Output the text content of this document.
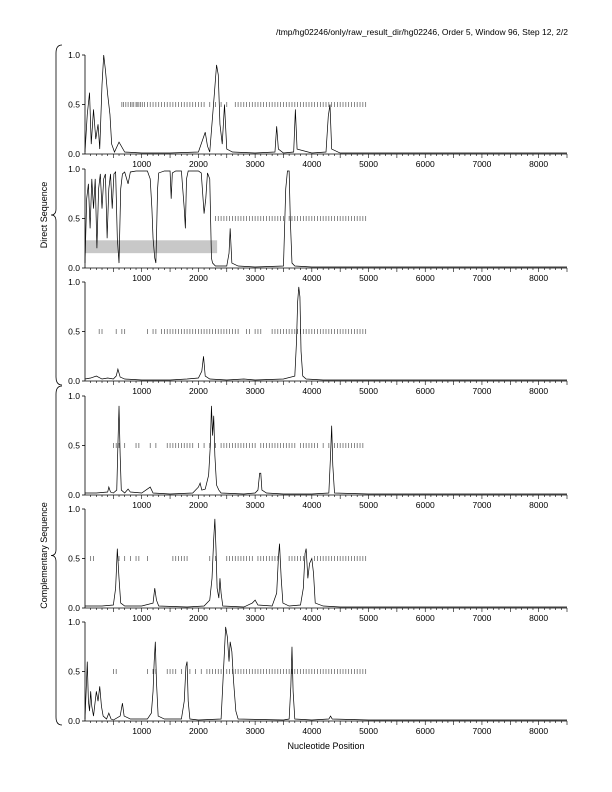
/tmp/hg02246/only/raw_result_dir/hg02246, Order 5, Window 96, Step 12, 2/2
0.0
0.5
1.0
1000	2000	3000	4000	5000	6000	7000	8000
0.0
0.5
1.0
1000	2000	3000	4000	5000	6000	7000	8000
0.0
0.5
1.0
1000	2000	3000	4000	5000	6000	7000	8000
0.0
0.5
1.0
1000	2000	3000	4000	5000	6000	7000	8000
0.0
0.5
1.0
1000	2000	3000	4000	5000	6000	7000	8000
0.0
0.5
1.0
1000	2000	3000	4000	5000	6000	7000	8000
Direct Sequence
Complementary Sequence
Nucleotide Position
